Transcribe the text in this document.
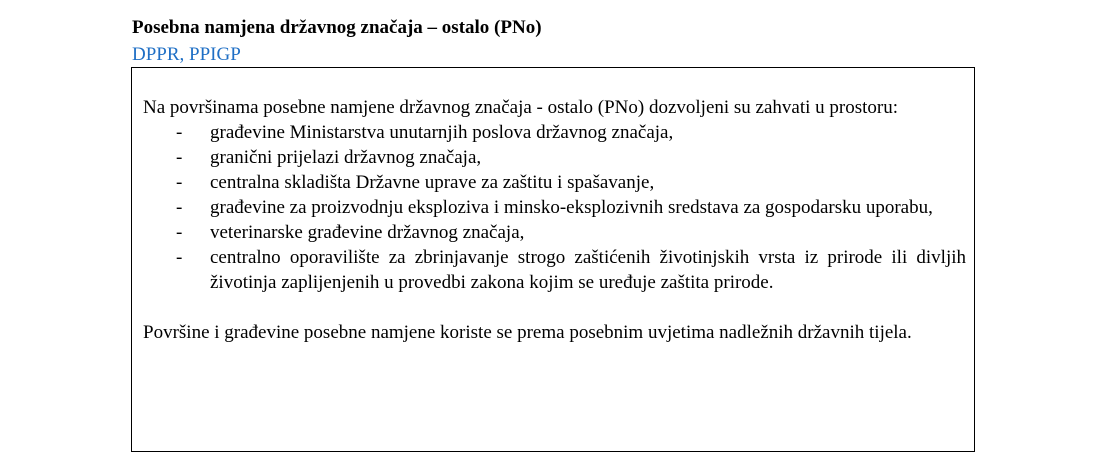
Posebna namjena državnog značaja – ostalo (PNo)
DPPR, PPIGP

Na površinama posebne namjene državnog značaja - ostalo (PNo) dozvoljeni su zahvati u prostoru:

- građevine Ministarstva unutarnjih poslova državnog značaja,
- granični prijelazi državnog značaja,
- centralna skladišta Državne uprave za zaštitu i spašavanje,
- građevine za proizvodnju eksploziva i minsko-eksplozivnih sredstava za gospodarsku uporabu,
- veterinarske građevine državnog značaja,
- centralno oporavilište za zbrinjavanje strogo zaštićenih životinjskih vrsta iz prirode ili divljih životinja zaplijenjenih u provedbi zakona kojim se uređuje zaštita prirode.

Površine i građevine posebne namjene koriste se prema posebnim uvjetima nadležnih državnih tijela.
